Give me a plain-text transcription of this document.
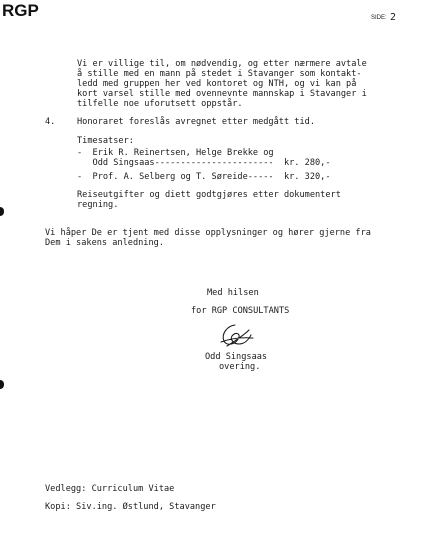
RGP	SIDE: 2
Vi er villige til, om nødvendig, og etter nærmere avtale
å stille med en mann på stedet i Stavanger som kontakt-
ledd med gruppen her ved kontoret og NTH, og vi kan på
kort varsel stille med ovennevnte mannskap i Stavanger i
tilfelle noe uforutsett oppstår.
4.	Honoraret foreslås avregnet etter medgått tid.
Timesatser:
-  Erik R. Reinertsen, Helge Brekke og
Odd Singsaas-----------------------  kr. 280,-
-  Prof. A. Selberg og T. Søreide-----  kr. 320,-
Reiseutgifter og diett godtgjøres etter dokumentert
regning.
Vi håper De er tjent med disse opplysninger og hører gjerne fra
Dem i sakens anledning.
Med hilsen
for RGP CONSULTANTS
Odd Singsaas
overing.
Vedlegg: Curriculum Vitae
Kopi: Siv.ing. Østlund, Stavanger
